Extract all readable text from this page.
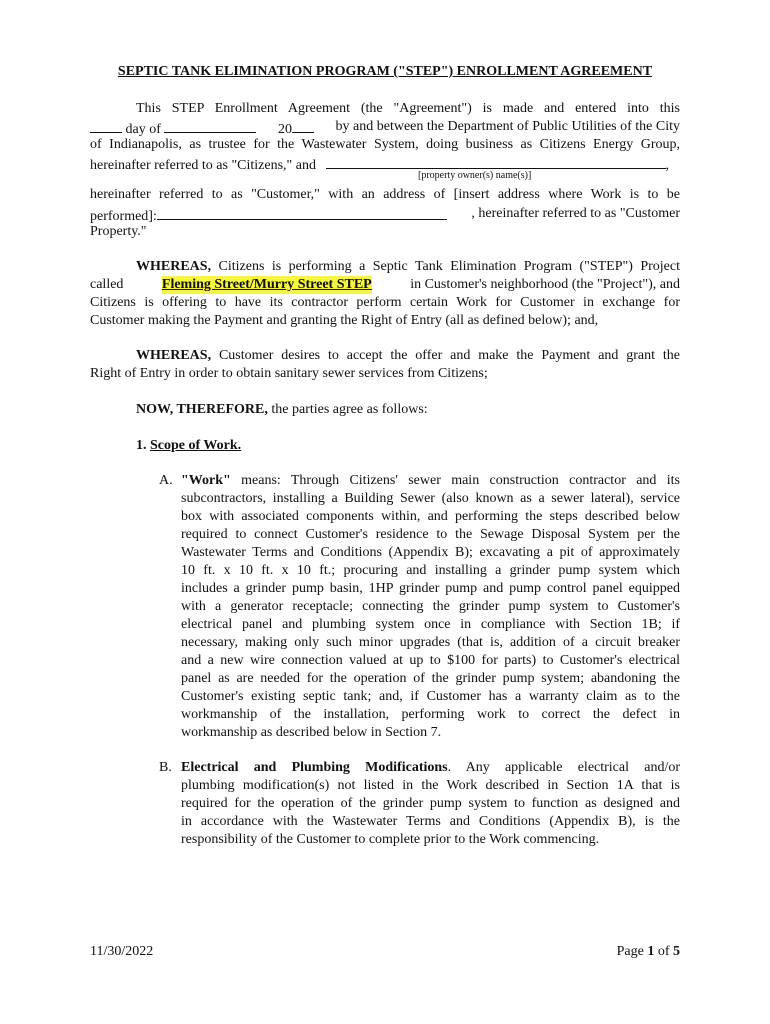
SEPTIC TANK ELIMINATION PROGRAM ("STEP") ENROLLMENT AGREEMENT
This STEP Enrollment Agreement (the "Agreement") is made and entered into this
day of	20	by and between the Department of Public Utilities of the City
of Indianapolis, as trustee for the Wastewater System, doing business as Citizens Energy Group,
hereinafter referred to as "Citizens," and	,
[property owner(s) name(s)]
hereinafter referred to as "Customer," with an address of [insert address where Work is to be
performed]:	, hereinafter referred to as "Customer
Property."
WHEREAS, Citizens is performing a Septic Tank Elimination Program ("STEP") Project
called	Fleming Street/Murry Street STEP	in Customer's neighborhood (the "Project"), and
Citizens is offering to have its contractor perform certain Work for Customer in exchange for
Customer making the Payment and granting the Right of Entry (all as defined below); and,
WHEREAS, Customer desires to accept the offer and make the Payment and grant the
Right of Entry in order to obtain sanitary sewer services from Citizens;
NOW, THEREFORE, the parties agree as follows:
1. Scope of Work.
A. "Work" means: Through Citizens' sewer main construction contractor and its

subcontractors, installing a Building Sewer (also known as a sewer lateral), service

box with associated components within, and performing the steps described below

required to connect Customer's residence to the Sewage Disposal System per the

Wastewater Terms and Conditions (Appendix B); excavating a pit of approximately

10 ft. x 10 ft. x 10 ft.; procuring and installing a grinder pump system which

includes a grinder pump basin, 1HP grinder pump and pump control panel equipped

with a generator receptacle; connecting the grinder pump system to Customer's

electrical panel and plumbing system once in compliance with Section 1B; if

necessary, making only such minor upgrades (that is, addition of a circuit breaker

and a new wire connection valued at up to $100 for parts) to Customer's electrical

panel as are needed for the operation of the grinder pump system; abandoning the

Customer's existing septic tank; and, if Customer has a warranty claim as to the

workmanship of the installation, performing work to correct the defect in

workmanship as described below in Section 7.

B. Electrical and Plumbing Modifications. Any applicable electrical and/or

plumbing modification(s) not listed in the Work described in Section 1A that is

required for the operation of the grinder pump system to function as designed and

in accordance with the Wastewater Terms and Conditions (Appendix B), is the

responsibility of the Customer to complete prior to the Work commencing.

11/30/2022	Page 1 of 5
